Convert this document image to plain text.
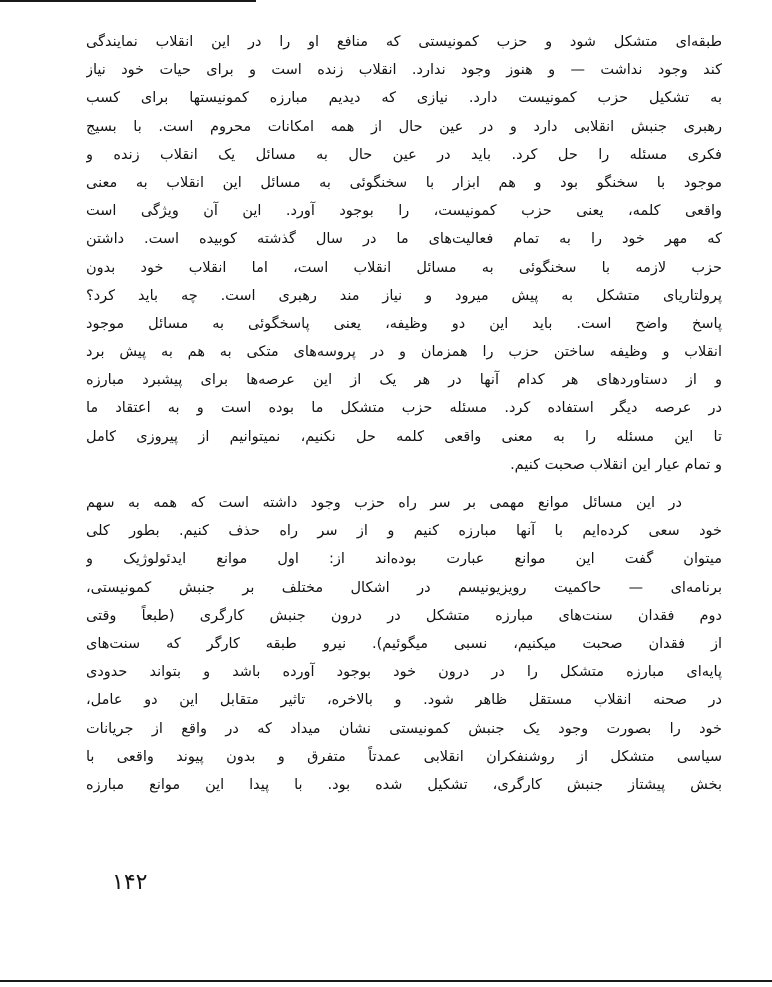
طبقه‌ای متشکل شود و حزب کمونیستی که منافع او را در این انقلاب نمایندگی
کند وجود نداشت — و هنوز وجود ندارد. انقلاب زنده است و برای حیات خود نیاز
به تشکیل حزب کمونیست دارد. نیازی که دیدیم مبارزه کمونیستها برای کسب
رهبری جنبش انقلابی دارد و در عین حال از همه امکانات محروم است. با بسیج
فکری مسئله را حل کرد. باید در عین حال به مسائل یک انقلاب زنده و
موجود با سخنگو بود و هم ابزار با سخنگوئی به مسائل این انقلاب به معنی
واقعی کلمه، یعنی حزب کمونیست، را بوجود آورد. این آن ویژگی است
که مهر خود را به تمام فعالیت‌های ما در سال گذشته کوبیده است. داشتن
حزب لازمه با سخنگوئی به مسائل انقلاب است، اما انقلاب خود بدون
پرولتاریای متشکل به پیش میرود و نیاز مند رهبری است. چه باید کرد؟
پاسخ واضح است. باید این دو وظیفه، یعنی پاسخگوئی به مسائل موجود
انقلاب و وظیفه ساختن حزب را همزمان و در پروسه‌های متکی به هم به پیش برد
و از دستاوردهای هر کدام آنها در هر یک از این عرصه‌ها برای پیشبرد مبارزه
در عرصه دیگر استفاده کرد. مسئله حزب متشکل ما بوده است و به اعتقاد ما
تا این مسئله را به معنی واقعی کلمه حل نکنیم، نمیتوانیم از پیروزی کامل
و تمام عیار این انقلاب صحبت کنیم.
در این مسائل موانع مهمی بر سر راه حزب وجود داشته است که همه به سهم
خود سعی کرده‌ایم با آنها مبارزه کنیم و از سر راه حذف کنیم. بطور کلی
میتوان گفت این موانع عبارت بوده‌اند از: اول موانع ایدئولوژیک و
برنامه‌ای — حاکمیت رویزیونیسم در اشکال مختلف بر جنبش کمونیستی،
دوم فقدان سنت‌های مبارزه متشکل در درون جنبش کارگری (طبعاً وقتی
از فقدان صحبت میکنیم، نسبی میگوئیم). نیرو طبقه کارگر که سنت‌های
پایه‌ای مبارزه متشکل را در درون خود بوجود آورده باشد و بتواند حدودی
در صحنه انقلاب مستقل ظاهر شود. و بالاخره، تاثیر متقابل این دو عامل،
خود را بصورت وجود یک جنبش کمونیستی نشان میداد که در واقع از جریانات
سیاسی متشکل از روشنفکران انقلابی عمدتاً متفرق و بدون پیوند واقعی با
بخش پیشتاز جنبش کارگری، تشکیل شده بود. با پیدا این موانع مبارزه
۱۴۲
